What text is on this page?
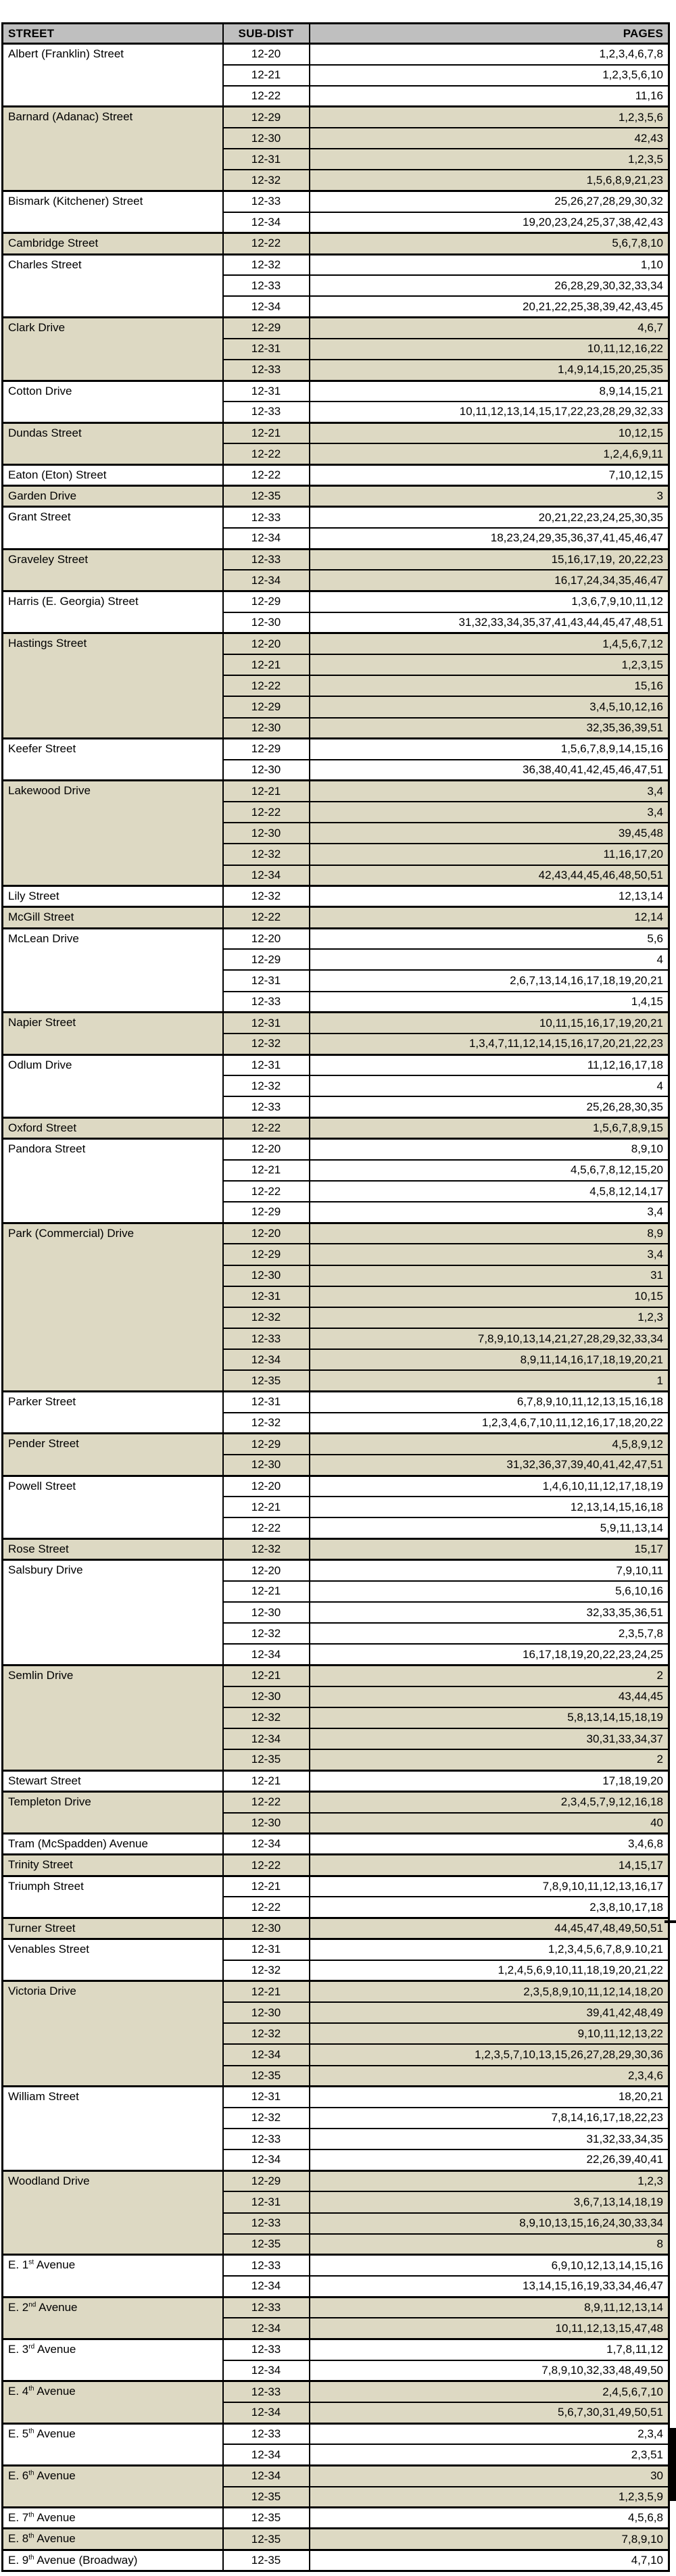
STREET	SUB-DIST	PAGES
Albert (Franklin) Street	12-20	1,2,3,4,6,7,8
	12-21	1,2,3,5,6,10
	12-22	11,16
Barnard (Adanac) Street	12-29	1,2,3,5,6
	12-30	42,43
	12-31	1,2,3,5
	12-32	1,5,6,8,9,21,23
Bismark (Kitchener) Street	12-33	25,26,27,28,29,30,32
	12-34	19,20,23,24,25,37,38,42,43
Cambridge Street	12-22	5,6,7,8,10
Charles Street	12-32	1,10
	12-33	26,28,29,30,32,33,34
	12-34	20,21,22,25,38,39,42,43,45
Clark Drive	12-29	4,6,7
	12-31	10,11,12,16,22
	12-33	1,4,9,14,15,20,25,35
Cotton Drive	12-31	8,9,14,15,21
	12-33	10,11,12,13,14,15,17,22,23,28,29,32,33
Dundas Street	12-21	10,12,15
	12-22	1,2,4,6,9,11
Eaton (Eton) Street	12-22	7,10,12,15
Garden Drive	12-35	3
Grant Street	12-33	20,21,22,23,24,25,30,35
	12-34	18,23,24,29,35,36,37,41,45,46,47
Graveley Street	12-33	15,16,17,19, 20,22,23
	12-34	16,17,24,34,35,46,47
Harris (E. Georgia) Street	12-29	1,3,6,7,9,10,11,12
	12-30	31,32,33,34,35,37,41,43,44,45,47,48,51
Hastings Street	12-20	1,4,5,6,7,12
	12-21	1,2,3,15
	12-22	15,16
	12-29	3,4,5,10,12,16
	12-30	32,35,36,39,51
Keefer Street	12-29	1,5,6,7,8,9,14,15,16
	12-30	36,38,40,41,42,45,46,47,51
Lakewood Drive	12-21	3,4
	12-22	3,4
	12-30	39,45,48
	12-32	11,16,17,20
	12-34	42,43,44,45,46,48,50,51
Lily Street	12-32	12,13,14
McGill Street	12-22	12,14
McLean Drive	12-20	5,6
	12-29	4
	12-31	2,6,7,13,14,16,17,18,19,20,21
	12-33	1,4,15
Napier Street	12-31	10,11,15,16,17,19,20,21
	12-32	1,3,4,7,11,12,14,15,16,17,20,21,22,23
Odlum Drive	12-31	11,12,16,17,18
	12-32	4
	12-33	25,26,28,30,35
Oxford Street	12-22	1,5,6,7,8,9,15
Pandora Street	12-20	8,9,10
	12-21	4,5,6,7,8,12,15,20
	12-22	4,5,8,12,14,17
	12-29	3,4
Park (Commercial) Drive	12-20	8,9
	12-29	3,4
	12-30	31
	12-31	10,15
	12-32	1,2,3
	12-33	7,8,9,10,13,14,21,27,28,29,32,33,34
	12-34	8,9,11,14,16,17,18,19,20,21
	12-35	1
Parker Street	12-31	6,7,8,9,10,11,12,13,15,16,18
	12-32	1,2,3,4,6,7,10,11,12,16,17,18,20,22
Pender Street	12-29	4,5,8,9,12
	12-30	31,32,36,37,39,40,41,42,47,51
Powell Street	12-20	1,4,6,10,11,12,17,18,19
	12-21	12,13,14,15,16,18
	12-22	5,9,11,13,14
Rose Street	12-32	15,17
Salsbury Drive	12-20	7,9,10,11
	12-21	5,6,10,16
	12-30	32,33,35,36,51
	12-32	2,3,5,7,8
	12-34	16,17,18,19,20,22,23,24,25
Semlin Drive	12-21	2
	12-30	43,44,45
	12-32	5,8,13,14,15,18,19
	12-34	30,31,33,34,37
	12-35	2
Stewart Street	12-21	17,18,19,20
Templeton Drive	12-22	2,3,4,5,7,9,12,16,18
	12-30	40
Tram (McSpadden) Avenue	12-34	3,4,6,8
Trinity Street	12-22	14,15,17
Triumph Street	12-21	7,8,9,10,11,12,13,16,17
	12-22	2,3,8,10,17,18
Turner Street	12-30	44,45,47,48,49,50,51
Venables Street	12-31	1,2,3,4,5,6,7,8,9.10,21
	12-32	1,2,4,5,6,9,10,11,18,19,20,21,22
Victoria Drive	12-21	2,3,5,8,9,10,11,12,14,18,20
	12-30	39,41,42,48,49
	12-32	9,10,11,12,13,22
	12-34	1,2,3,5,7,10,13,15,26,27,28,29,30,36
	12-35	2,3,4,6
William Street	12-31	18,20,21
	12-32	7,8,14,16,17,18,22,23
	12-33	31,32,33,34,35
	12-34	22,26,39,40,41
Woodland Drive	12-29	1,2,3
	12-31	3,6,7,13,14,18,19
	12-33	8,9,10,13,15,16,24,30,33,34
	12-35	8
E. 1st Avenue	12-33	6,9,10,12,13,14,15,16
	12-34	13,14,15,16,19,33,34,46,47
E. 2nd Avenue	12-33	8,9,11,12,13,14
	12-34	10,11,12,13,15,47,48
E. 3rd Avenue	12-33	1,7,8,11,12
	12-34	7,8,9,10,32,33,48,49,50
E. 4th Avenue	12-33	2,4,5,6,7,10
	12-34	5,6,7,30,31,49,50,51
E. 5th Avenue	12-33	2,3,4
	12-34	2,3,51
E. 6th Avenue	12-34	30
	12-35	1,2,3,5,9
E. 7th Avenue	12-35	4,5,6,8
E. 8th Avenue	12-35	7,8,9,10
E. 9th Avenue (Broadway)	12-35	4,7,10
